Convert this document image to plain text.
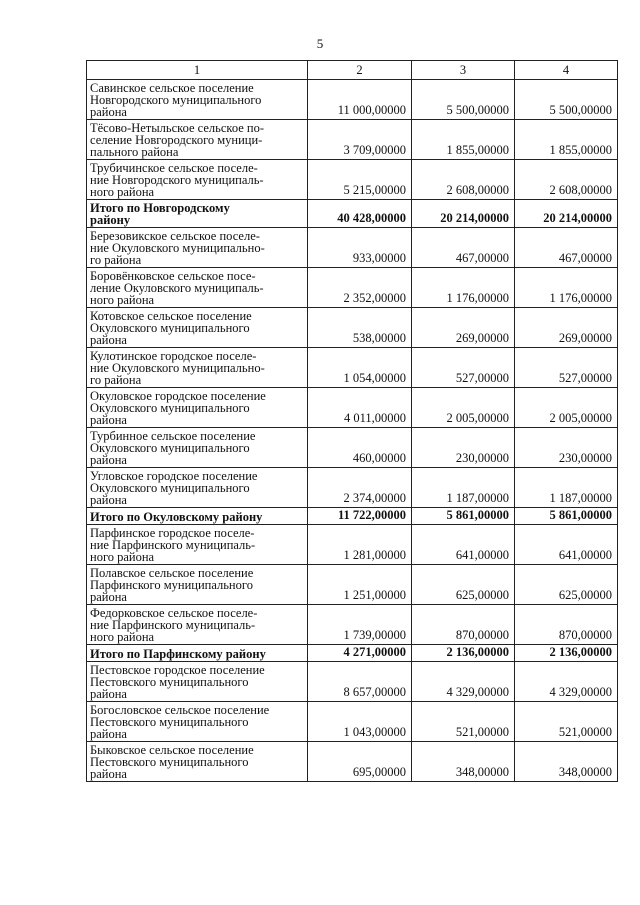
5
1	2	3	4

Савинское сельское поселение
Новгородского муниципального
района	11 000,00000	5 500,00000	5 500,00000

Тёсово-Нетыльское сельское по-
селение Новгородского муници-
пального района	3 709,00000	1 855,00000	1 855,00000

Трубичинское сельское поселе-
ние Новгородского муниципаль-
ного района	5 215,00000	2 608,00000	2 608,00000

Итого по Новгородскому
району	40 428,00000	20 214,00000	20 214,00000

Березовикское сельское поселе-
ние Окуловского муниципально-
го района	933,00000	467,00000	467,00000

Боровёнковское сельское посе-
ление Окуловского муниципаль-
ного района	2 352,00000	1 176,00000	1 176,00000

Котовское сельское поселение
Окуловского муниципального
района	538,00000	269,00000	269,00000

Кулотинское городское поселе-
ние Окуловского муниципально-
го района	1 054,00000	527,00000	527,00000

Окуловское городское поселение
Окуловского муниципального
района	4 011,00000	2 005,00000	2 005,00000

Турбинное сельское поселение
Окуловского муниципального
района	460,00000	230,00000	230,00000

Угловское городское поселение
Окуловского муниципального
района	2 374,00000	1 187,00000	1 187,00000

Итого по Окуловскому району	11 722,00000	5 861,00000	5 861,00000

Парфинское городское поселе-
ние Парфинского муниципаль-
ного района	1 281,00000	641,00000	641,00000

Полавское сельское поселение
Парфинского муниципального
района	1 251,00000	625,00000	625,00000

Федорковское сельское поселе-
ние Парфинского муниципаль-
ного района	1 739,00000	870,00000	870,00000

Итого по Парфинскому району	4 271,00000	2 136,00000	2 136,00000

Пестовское городское поселение
Пестовского муниципального
района	8 657,00000	4 329,00000	4 329,00000

Богословское сельское поселение
Пестовского муниципального
района	1 043,00000	521,00000	521,00000

Быковское сельское поселение
Пестовского муниципального
района	695,00000	348,00000	348,00000
